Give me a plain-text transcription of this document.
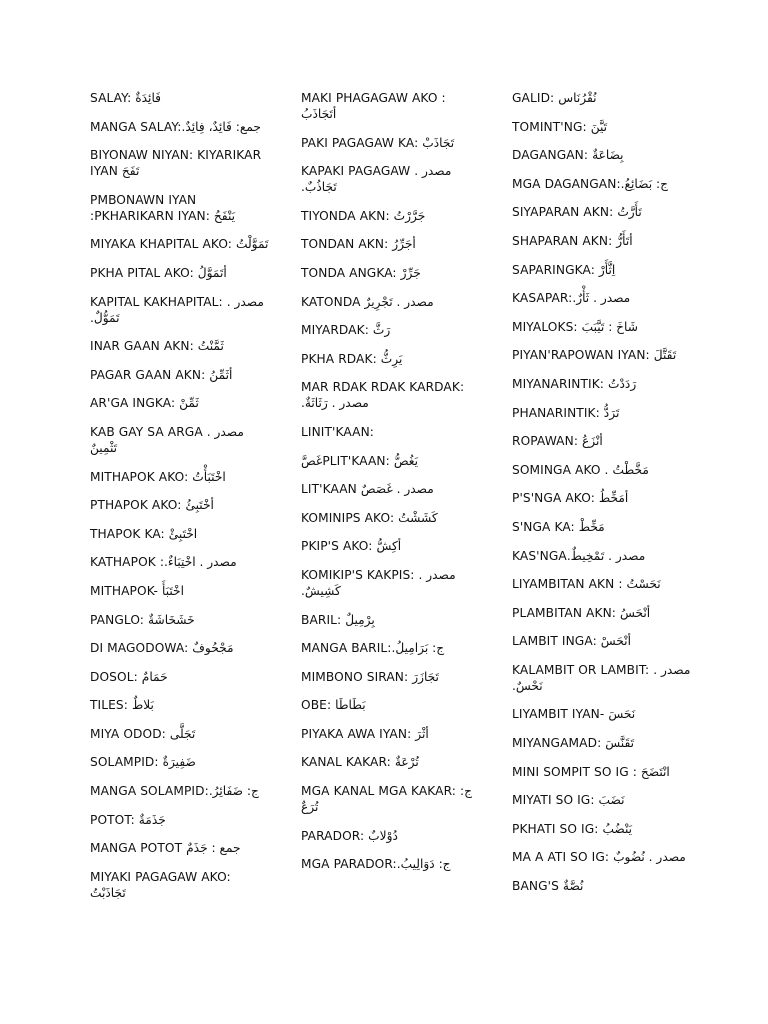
SALAY: فَائِدَةٌ
MANGA SALAY:جمع: فَائِدٌ، فِائِدٌ.
BIYONAW NIYAN: KIYARIKAR IYAN تَفَحَ
PMBONAWN IYAN :PKHARIKARN IYAN: يَنْفَحُ
MIYAKA KHAPITAL AKO: تَمَوَّلْتُ
PKHA PITAL AKO: أتَمَوَّلُ
KAPITAL KAKHAPITAL: مصدر . تَمَوُّلٌ.
INAR GAAN AKN: ثَمَّنْتُ
PAGAR GAAN AKN: أثَمِّنُ
AR'GA INGKA: ثَمِّنْ
KAB GAY SA ARGA مصدر . تَثْمِينٌ
MITHAPOK AKO: اخْتَبَأْتُ
PTHAPOK AKO: أخْتَبِئُ
THAPOK KA: اخْتَبِئْ
KATHAPOK :مصدر . اخْتِبَاءٌ.
MITHAPOK- اخْتَبَأَ
PANGLO: خَشَخَاشَةٌ
DI MAGODOWA: مَجْحُوفٌ
DOSOL: حَمَامٌ
TILES: بَلاطٌ
MIYA ODOD: تَجَلَّى
SOLAMPID: ضَفِيرَةٌ
MANGA SOLAMPID:ج: ضَفَائِرُ.
POTOT: جَذَمَةٌ
MANGA POTOT جمع : جَذَمٌ
MIYAKI PAGAGAW AKO: تَجَاذَبْتُ
MAKI PHAGAGAW AKO : أتَجَاذَبُ
PAKI PAGAGAW KA: تَجَاذَبْ
KAPAKI PAGAGAW مصدر . تَجَاذُبٌ.
TIYONDA AKN: جَرَّرْتُ
TONDAN AKN: أجَرِّرُ
TONDA ANGKA: جَرِّرْ
KATONDA مصدر . تَجْرِيرٌ
MIYARDAK: رَثَّ
PKHA RDAK: يَرِثُّ
MAR RDAK RDAK KARDAK: مصدر . رَثَاثَةٌ.
LINIT'KAAN:
غَصَّPLIT'KAAN: يَغُصُّ
LIT'KAAN مصدر . غَصَصٌ
KOMINIPS AKO: كَشَشْتُ
PKIP'S AKO: أكِشُّ
KOMIKIP'S KAKPIS: مصدر . كَشِيشٌ.
BARIL: بِرْمِيلٌ
MANGA BARIL:ج: بَرَامِيلُ.
MIMBONO SIRAN: تَجَازَرَ
OBE: بَطَاطَا
PIYAKA AWA IYAN: أثْرَ
KANAL KAKAR: تُرْعَةٌ
MGA KANAL MGA KAKAR: ج: تُرَعٌ
PARADOR: دُوْلابٌ
MGA PARADOR:ج: دَوَالِيبُ.
GALID: نُقْرُنَاس
TOMINT'NG: تَيَّنَ
DAGANGAN: بِضَاعَةٌ
MGA DAGANGAN:ج: بَضَائِعُ.
SIYAPARAN AKN: تَأَرَّتُ
SHAPARAN AKN: أتَأَرُّ
SAPARINGKA: اِثَّأَرْ
KASAPAR:مصدر . ثَأْرٌ.
MIYALOKS: شَاخَ : تَيَّبَبَ
PIYAN'RAPOWAN IYAN: تَقَتَّلَ
MIYANARINTIK: رَدَدْتُ
PHANARINTIK: تَرَدُّ
ROPAWAN: أنْزَعُ
SOMINGA AKO . مَخَّطْتُ
P'S'NGA AKO: أمَخِّطُ
S'NGA KA: مَخِّطْ
KAS'NGAمصدر . تَمْخِيطٌ.
LIYAMBITAN AKN : نَحَسْتُ
PLAMBITAN AKN: أنْحَسُ
LAMBIT INGA: أنْحَسْ
KALAMBIT OR LAMBIT: مصدر . نَحْسٌ.
LIYAMBIT IYAN- نَحَسَ
MIYANGAMAD: تَقَنَّسَ
MINI SOMPIT SO IG : انْتَضَحَ
MIYATI SO IG: نَضَبَ
PKHATI SO IG: يَنْضُبُ
MA A ATI SO IG: مصدر . نُضُوبٌ
BANG'S نُصَّةٌ
